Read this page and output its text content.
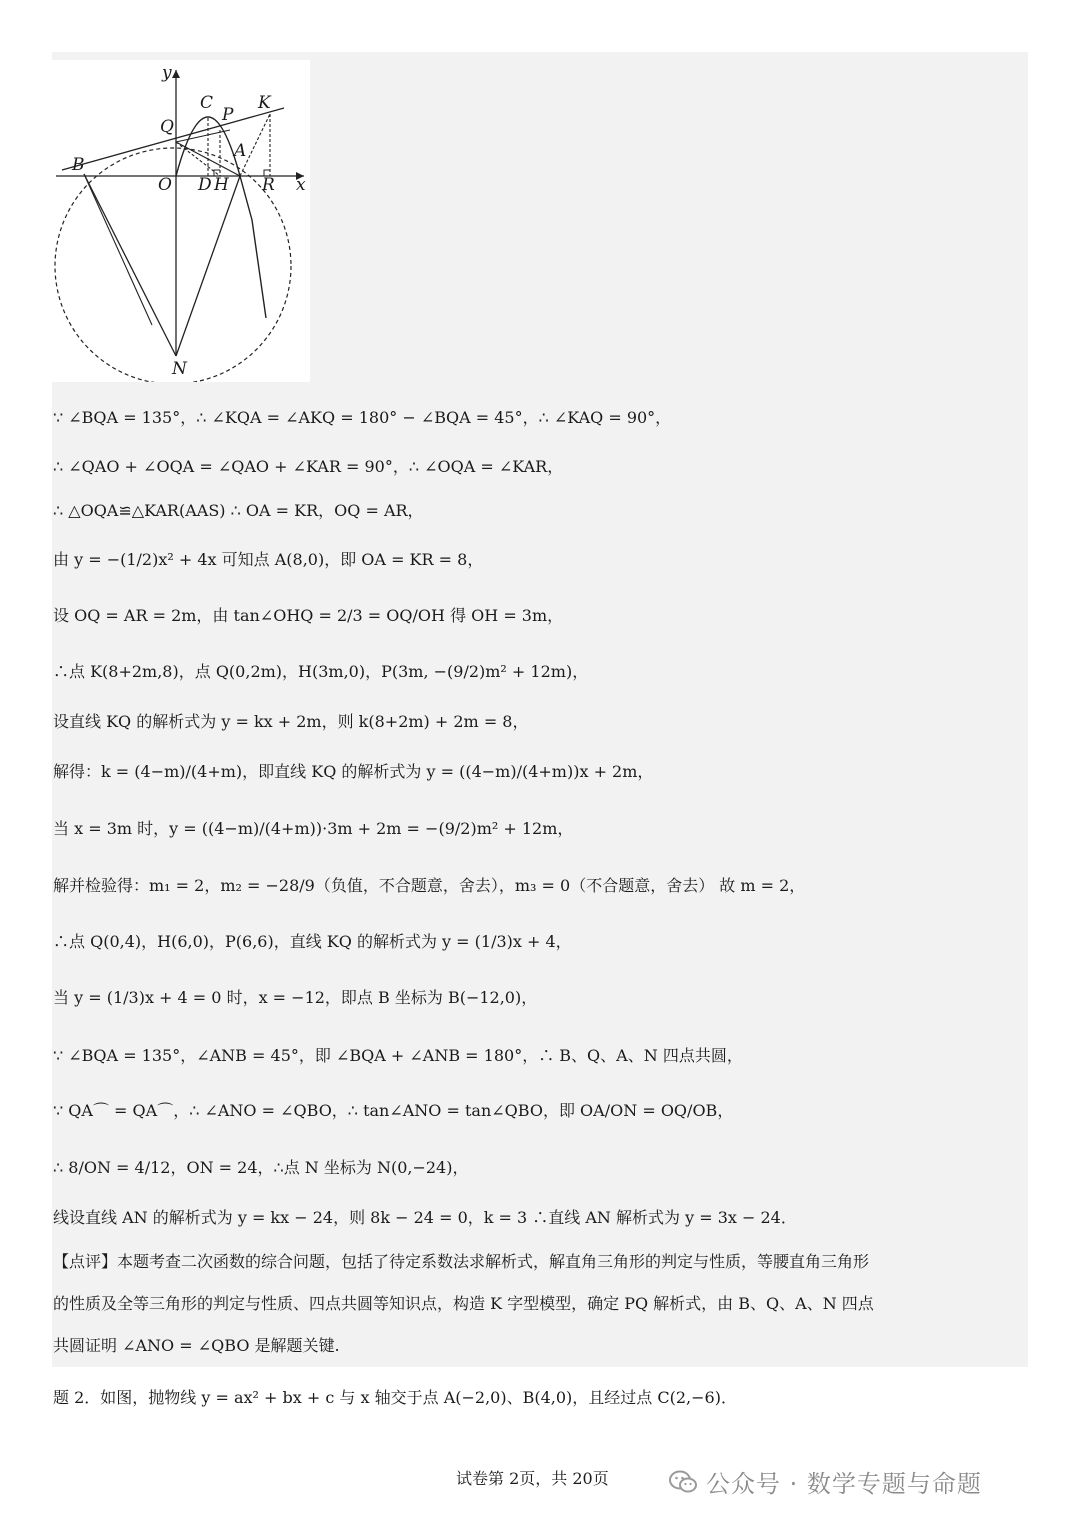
y
x
C
P
K
Q
A
B
O D H R
N
∵ ∠BQA = 135°，∴ ∠KQA = ∠AKQ = 180° − ∠BQA = 45°，∴ ∠KAQ = 90°，
∴ ∠QAO + ∠OQA = ∠QAO + ∠KAR = 90°，∴ ∠OQA = ∠KAR，
∴ △OQA≌△KAR(AAS) ∴ OA = KR，OQ = AR，
由 y = −(1/2)x² + 4x 可知点 A(8,0)，即 OA = KR = 8，
设 OQ = AR = 2m，由 tan∠OHQ = 2/3 = OQ/OH 得 OH = 3m，
∴点 K(8+2m,8)，点 Q(0,2m)，H(3m,0)，P(3m, −(9/2)m² + 12m)，
设直线 KQ 的解析式为 y = kx + 2m，则 k(8+2m) + 2m = 8，
解得：k = (4−m)/(4+m)，即直线 KQ 的解析式为 y = ((4−m)/(4+m))x + 2m，
当 x = 3m 时，y = ((4−m)/(4+m))·3m + 2m = −(9/2)m² + 12m，
解并检验得：m₁ = 2，m₂ = −28/9（负值，不合题意，舍去），m₃ = 0（不合题意，舍去） 故 m = 2，
∴点 Q(0,4)，H(6,0)，P(6,6)，直线 KQ 的解析式为 y = (1/3)x + 4，
当 y = (1/3)x + 4 = 0 时，x = −12，即点 B 坐标为 B(−12,0)，
∵ ∠BQA = 135°，∠ANB = 45°，即 ∠BQA + ∠ANB = 180°，∴ B、Q、A、N 四点共圆，
∵ QA⌒ = QA⌒，∴ ∠ANO = ∠QBO，∴ tan∠ANO = tan∠QBO，即 OA/ON = OQ/OB，
∴ 8/ON = 4/12，ON = 24，∴点 N 坐标为 N(0,−24)，
线设直线 AN 的解析式为 y = kx − 24，则 8k − 24 = 0，k = 3 ∴直线 AN 解析式为 y = 3x − 24．
【点评】本题考查二次函数的综合问题，包括了待定系数法求解析式，解直角三角形的判定与性质，等腰直角三角形
的性质及全等三角形的判定与性质、四点共圆等知识点，构造 K 字型模型，确定 PQ 解析式，由 B、Q、A、N 四点
共圆证明 ∠ANO = ∠QBO 是解题关键.
题 2．如图，抛物线 y = ax² + bx + c 与 x 轴交于点 A(−2,0)、B(4,0)，且经过点 C(2,−6)．
试卷第 2页，共 20页	公众号 · 数学专题与命题
